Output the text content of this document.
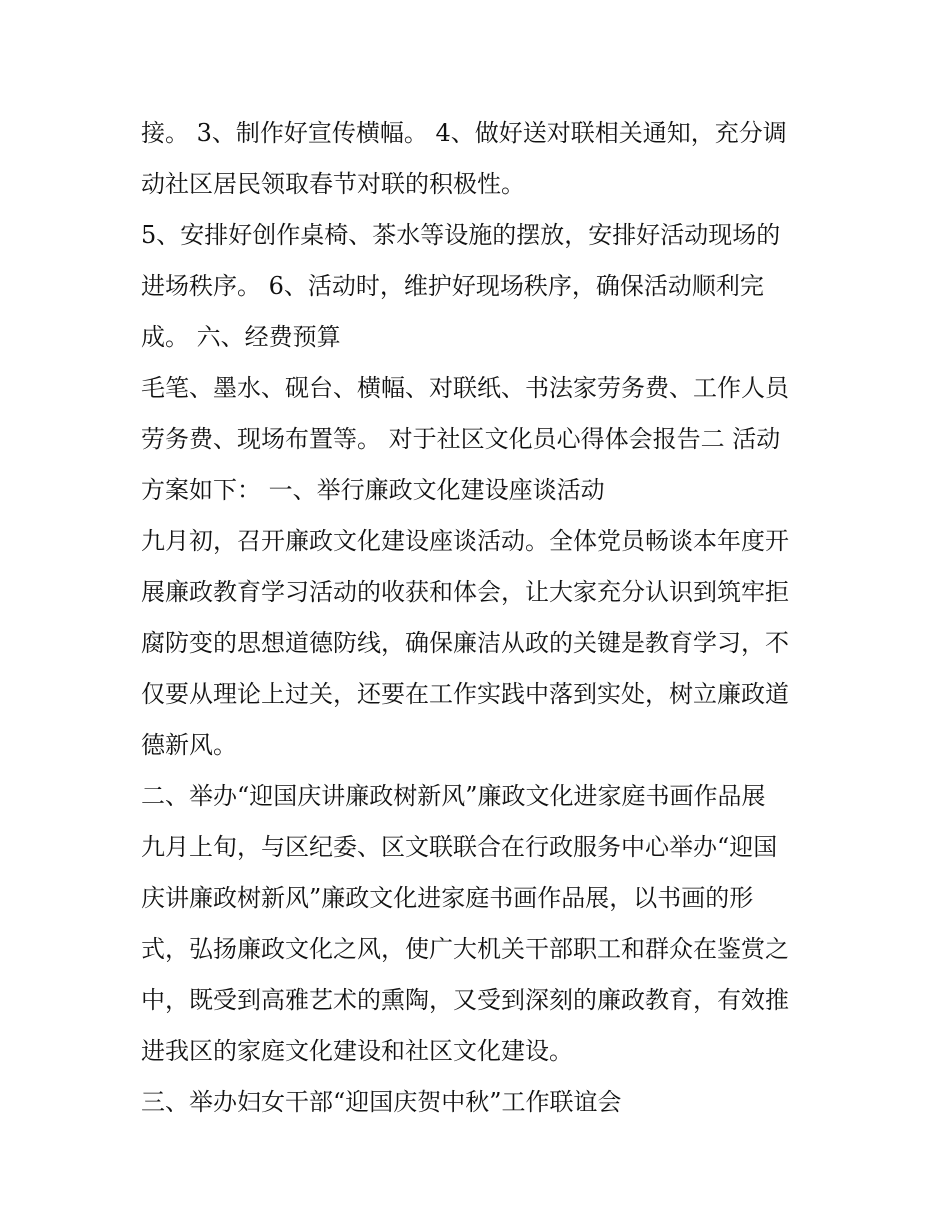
接。 3、制作好宣传横幅。 4、做好送对联相关通知，充分调
动社区居民领取春节对联的积极性。
5、安排好创作桌椅、茶水等设施的摆放，安排好活动现场的
进场秩序。 6、活动时，维护好现场秩序，确保活动顺利完
成。 六、经费预算
毛笔、墨水、砚台、横幅、对联纸、书法家劳务费、工作人员
劳务费、现场布置等。 对于社区文化员心得体会报告二 活动
方案如下： 一、举行廉政文化建设座谈活动
九月初，召开廉政文化建设座谈活动。全体党员畅谈本年度开
展廉政教育学习活动的收获和体会，让大家充分认识到筑牢拒
腐防变的思想道德防线，确保廉洁从政的关键是教育学习，不
仅要从理论上过关，还要在工作实践中落到实处，树立廉政道
德新风。
二、举办“迎国庆讲廉政树新风”廉政文化进家庭书画作品展
九月上旬，与区纪委、区文联联合在行政服务中心举办“迎国
庆讲廉政树新风”廉政文化进家庭书画作品展，以书画的形
式，弘扬廉政文化之风，使广大机关干部职工和群众在鉴赏之
中，既受到高雅艺术的熏陶，又受到深刻的廉政教育，有效推
进我区的家庭文化建设和社区文化建设。
三、举办妇女干部“迎国庆贺中秋”工作联谊会
